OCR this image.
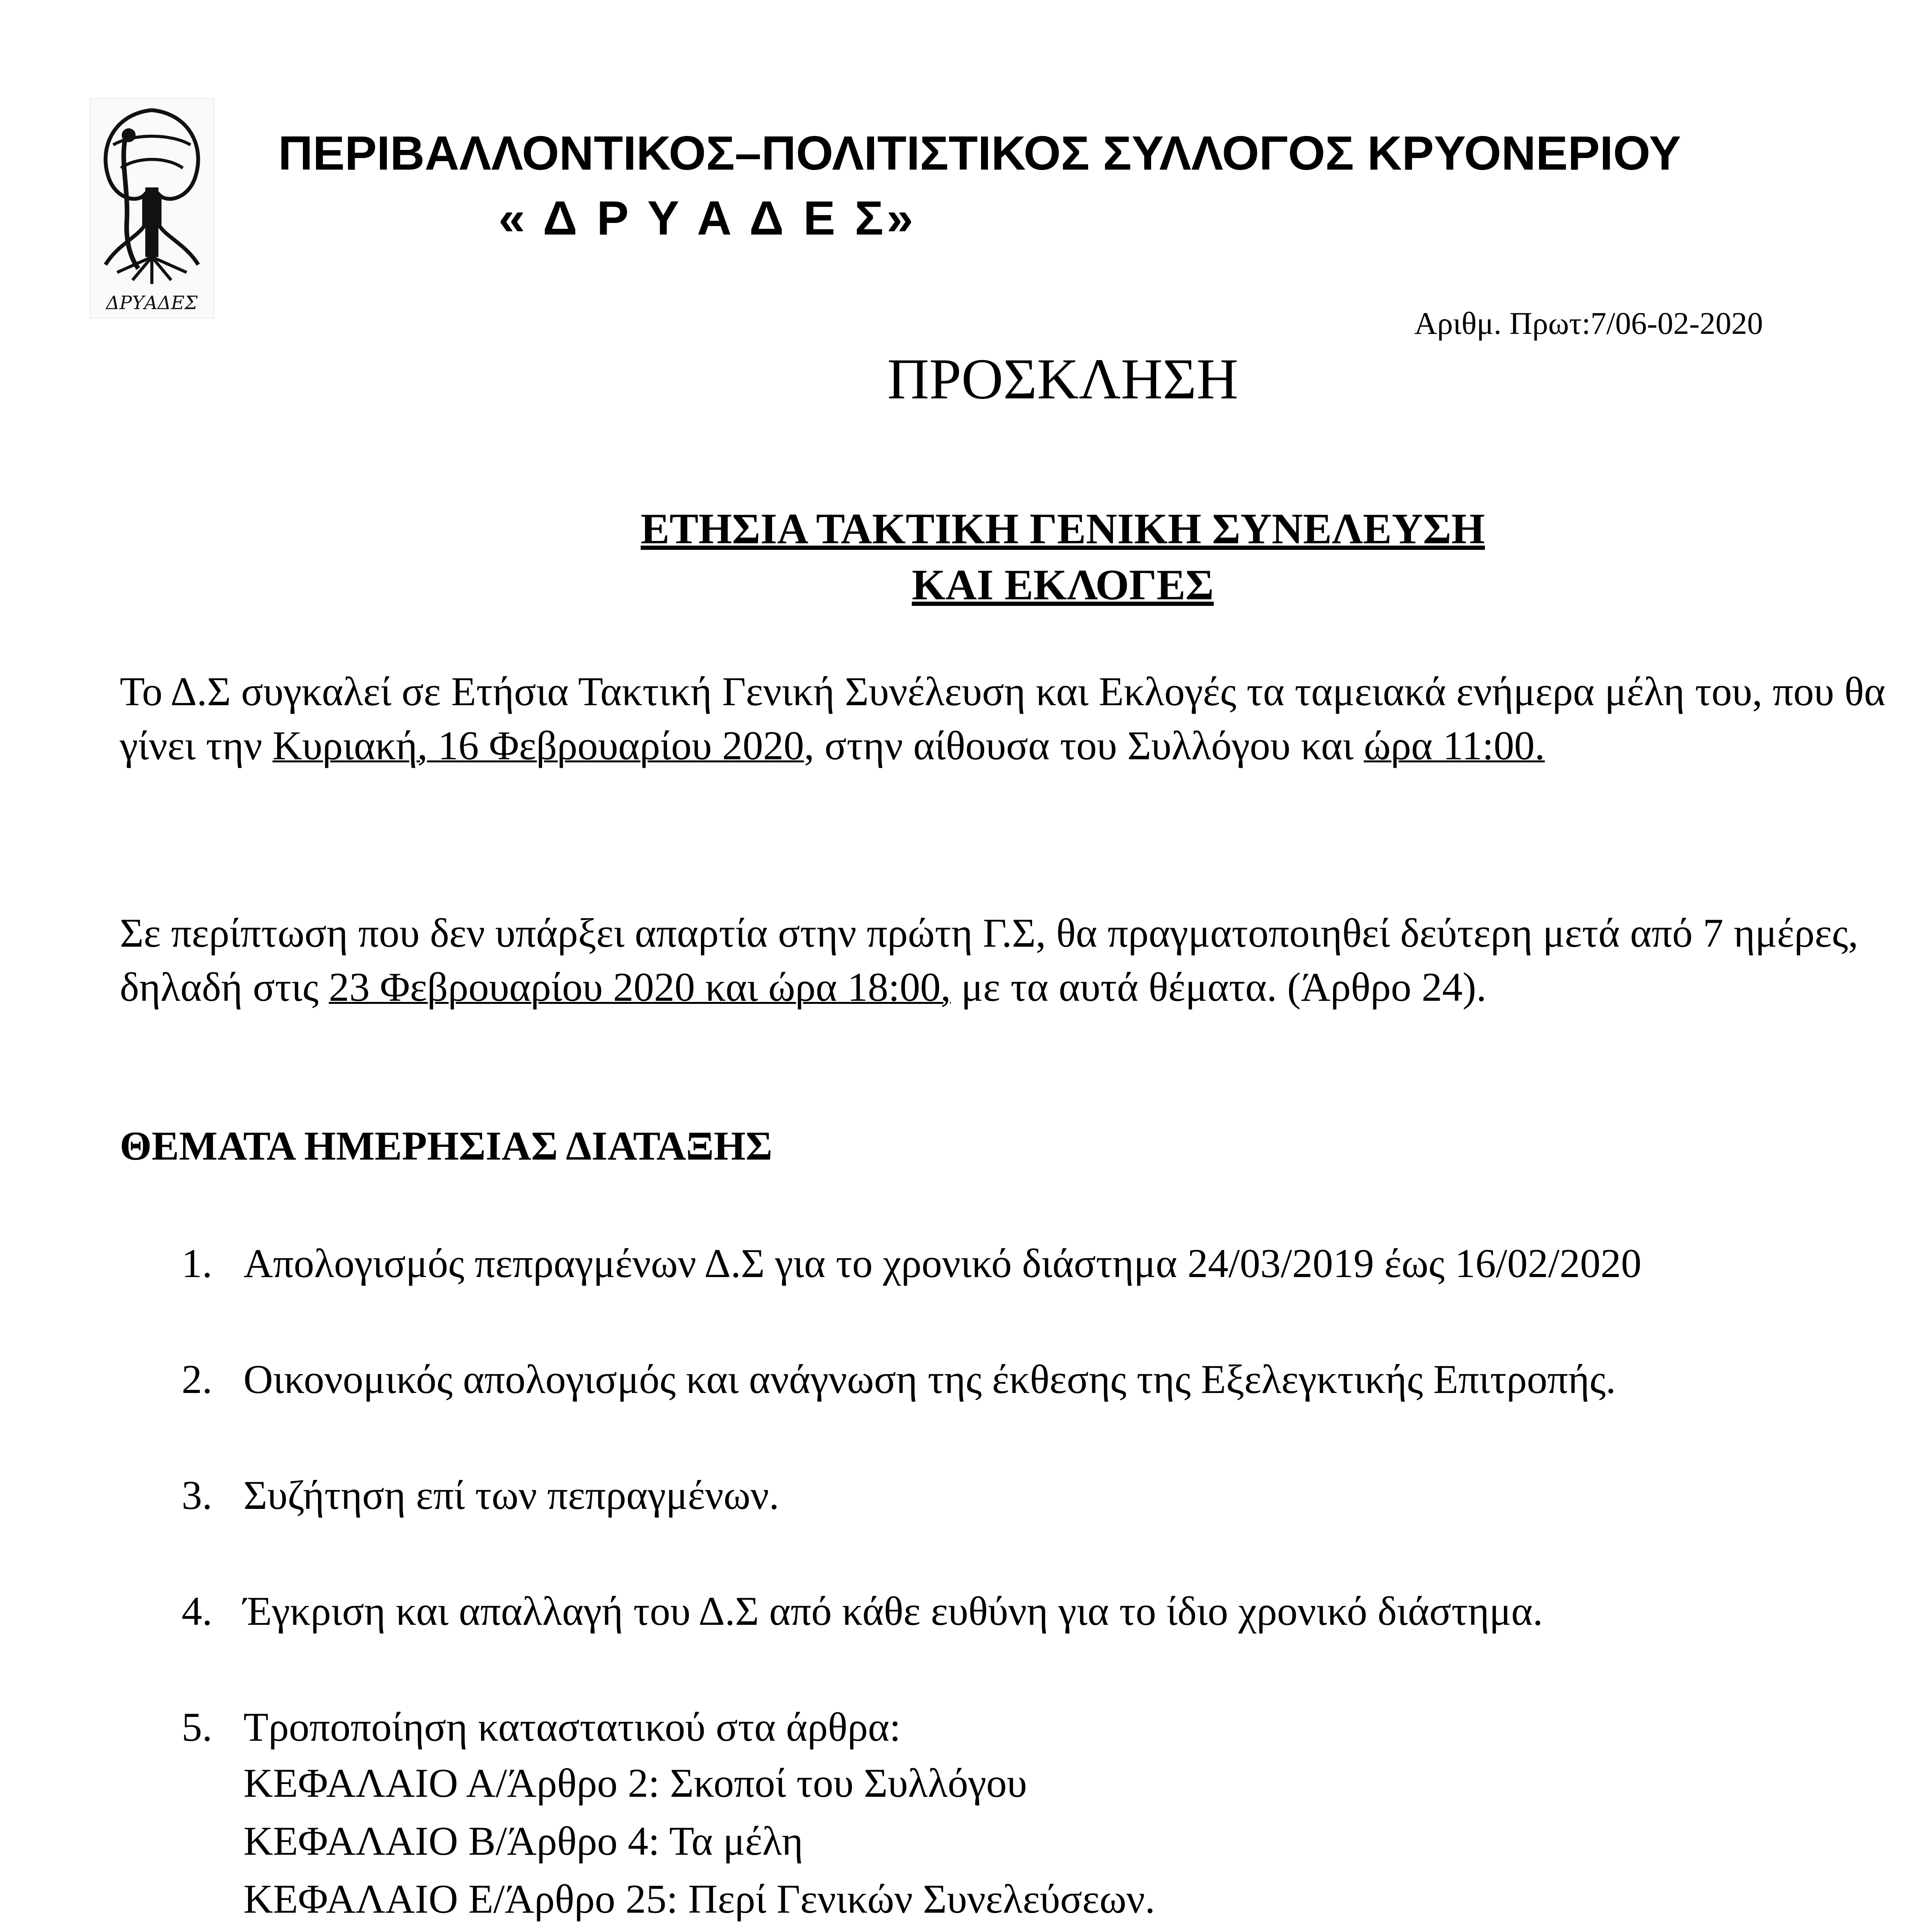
ΔΡΥΑΔΕΣ
ΠΕΡΙΒΑΛΛΟΝΤΙΚΟΣ–ΠΟΛΙΤΙΣΤΙΚΟΣ ΣΥΛΛΟΓΟΣ ΚΡΥΟΝΕΡΙΟΥ
« Δ Ρ Υ Α Δ Ε Σ»
Αριθμ. Πρωτ:7/06-02-2020
ΠΡΟΣΚΛΗΣΗ
ΕΤΗΣΙΑ ΤΑΚΤΙΚΗ ΓΕΝΙΚΗ ΣΥΝΕΛΕΥΣΗ
ΚΑΙ ΕΚΛΟΓΕΣ
Το Δ.Σ συγκαλεί σε Ετήσια Τακτική Γενική Συνέλευση και Εκλογές τα ταμειακά ενήμερα μέλη του, που θα γίνει την Κυριακή, 16 Φεβρουαρίου 2020, στην αίθουσα του Συλλόγου και ώρα 11:00.
Σε περίπτωση που δεν υπάρξει απαρτία στην πρώτη Γ.Σ, θα πραγματοποιηθεί δεύτερη μετά από 7 ημέρες, δηλαδή στις 23 Φεβρουαρίου 2020 και ώρα 18:00, με τα αυτά θέματα. (Άρθρο 24).
ΘΕΜΑΤΑ ΗΜΕΡΗΣΙΑΣ ΔΙΑΤΑΞΗΣ
1. Απολογισμός πεπραγμένων Δ.Σ για το χρονικό διάστημα 24/03/2019 έως 16/02/2020
2. Οικονομικός απολογισμός και ανάγνωση της έκθεσης της Εξελεγκτικής Επιτροπής.
3. Συζήτηση επί των πεπραγμένων.
4. Έγκριση και απαλλαγή του Δ.Σ από κάθε ευθύνη για το ίδιο χρονικό διάστημα.
5. Τροποποίηση καταστατικού στα άρθρα:
ΚΕΦΑΛΑΙΟ Α/Άρθρο 2: Σκοποί του Συλλόγου
ΚΕΦΑΛΑΙΟ Β/Άρθρο 4: Τα μέλη
ΚΕΦΑΛΑΙΟ Ε/Άρθρο 25: Περί Γενικών Συνελεύσεων.
